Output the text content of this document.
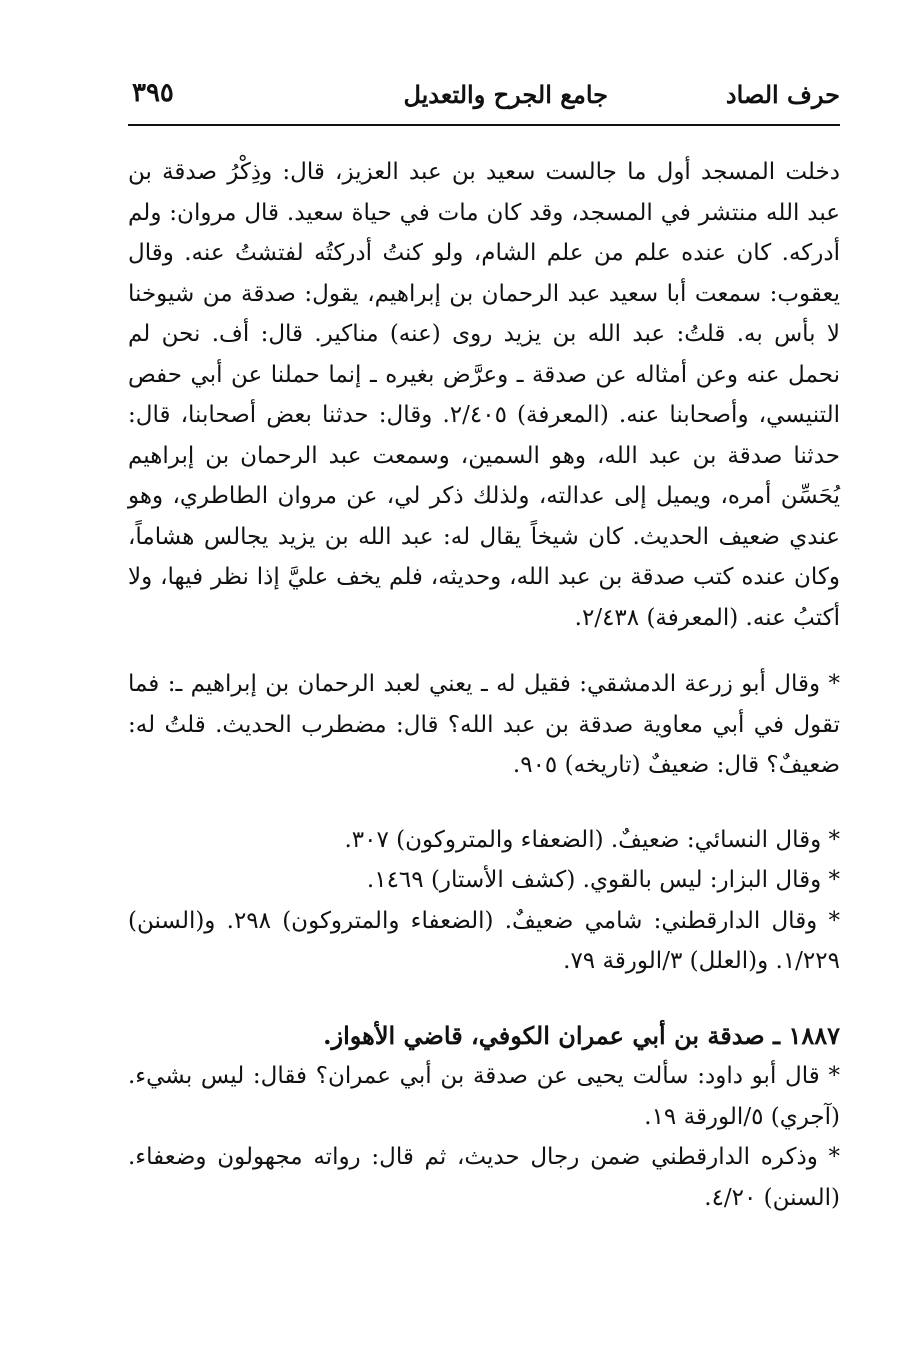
حرف الصاد
جامع الجرح والتعديل
٣٩٥

دخلت المسجد أول ما جالست سعيد بن عبد العزيز، قال: وذِكْرُ صدقة بن عبد الله منتشر في المسجد، وقد كان مات في حياة سعيد. قال مروان: ولم أدركه. كان عنده علم من علم الشام، ولو كنتُ أدركتُه لفتشتُ عنه. وقال يعقوب: سمعت أبا سعيد عبد الرحمان بن إبراهيم، يقول: صدقة من شيوخنا لا بأس به. قلتُ: عبد الله بن يزيد روى (عنه) مناكير. قال: أف. نحن لم نحمل عنه وعن أمثاله عن صدقة ـ وعرَّض بغيره ـ إنما حملنا عن أبي حفص التنيسي، وأصحابنا عنه. (المعرفة) ٢/٤٠٥. وقال: حدثنا بعض أصحابنا، قال: حدثنا صدقة بن عبد الله، وهو السمين، وسمعت عبد الرحمان بن إبراهيم يُحَسِّن أمره، ويميل إلى عدالته، ولذلك ذكر لي، عن مروان الطاطري، وهو عندي ضعيف الحديث. كان شيخاً يقال له: عبد الله بن يزيد يجالس هشاماً، وكان عنده كتب صدقة بن عبد الله، وحديثه، فلم يخف عليَّ إذا نظر فيها، ولا أكتبُ عنه. (المعرفة) ٢/٤٣٨.

* وقال أبو زرعة الدمشقي: فقيل له ـ يعني لعبد الرحمان بن إبراهيم ـ: فما تقول في أبي معاوية صدقة بن عبد الله؟ قال: مضطرب الحديث. قلتُ له: ضعيفٌ؟ قال: ضعيفٌ (تاريخه) ٩٠٥.

* وقال النسائي: ضعيفٌ. (الضعفاء والمتروكون) ٣٠٧.

* وقال البزار: ليس بالقوي. (كشف الأستار) ١٤٦٩.

* وقال الدارقطني: شامي ضعيفٌ. (الضعفاء والمتروكون) ٢٩٨. و(السنن) ١/٢٢٩. و(العلل) ٣/الورقة ٧٩.

١٨٨٧ ـ صدقة بن أبي عمران الكوفي، قاضي الأهواز.

* قال أبو داود: سألت يحيى عن صدقة بن أبي عمران؟ فقال: ليس بشيء. (آجري) ٥/الورقة ١٩.

* وذكره الدارقطني ضمن رجال حديث، ثم قال: رواته مجهولون وضعفاء. (السنن) ٤/٢٠.
